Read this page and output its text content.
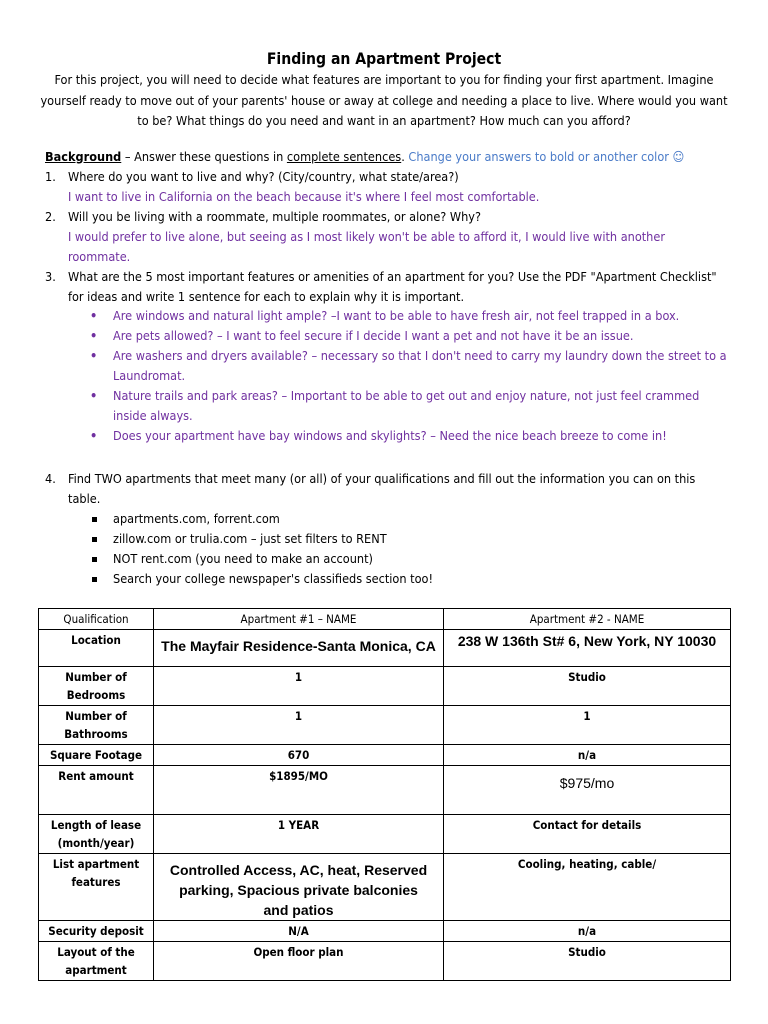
Finding an Apartment Project

For this project, you will need to decide what features are important to you for finding your first apartment. Imagine yourself ready to move out of your parents' house or away at college and needing a place to live. Where would you want to be? What things do you need and want in an apartment? How much can you afford?

Background – Answer these questions in complete sentences. Change your answers to bold or another color ☺

1. Where do you want to live and why? (City/country, what state/area?)

I want to live in California on the beach because it's where I feel most comfortable.

2. Will you be living with a roommate, multiple roommates, or alone? Why?

I would prefer to live alone, but seeing as I most likely won't be able to afford it, I would live with another roommate.

3. What are the 5 most important features or amenities of an apartment for you? Use the PDF "Apartment Checklist" for ideas and write 1 sentence for each to explain why it is important.
• Are windows and natural light ample? –I want to be able to have fresh air, not feel trapped in a box.
• Are pets allowed? – I want to feel secure if I decide I want a pet and not have it be an issue.
• Are washers and dryers available? – necessary so that I don't need to carry my laundry down the street to a Laundromat.
• Nature trails and park areas? – Important to be able to get out and enjoy nature, not just feel crammed inside always.
• Does your apartment have bay windows and skylights? – Need the nice beach breeze to come in!
4. Find TWO apartments that meet many (or all) of your qualifications and fill out the information you can on this table.
apartments.com, forrent.com
zillow.com or trulia.com – just set filters to RENT
NOT rent.com (you need to make an account)
Search your college newspaper's classifieds section too!
Qualification	Apartment #1 – NAME	Apartment #2 - NAME
Location	The Mayfair Residence-Santa Monica, CA	238 W 136th St# 6, New York, NY 10030
Number of Bedrooms	1	Studio
Number of Bathrooms	1	1
Square Footage	670	n/a
Rent amount	$1895/MO	$975/mo
Length of lease (month/year)	1 YEAR	Contact for details
List apartment features	Controlled Access, AC, heat, Reserved parking, Spacious private balconies and patios	Cooling, heating, cable/
Security deposit	N/A	n/a
Layout of the apartment	Open floor plan	Studio
